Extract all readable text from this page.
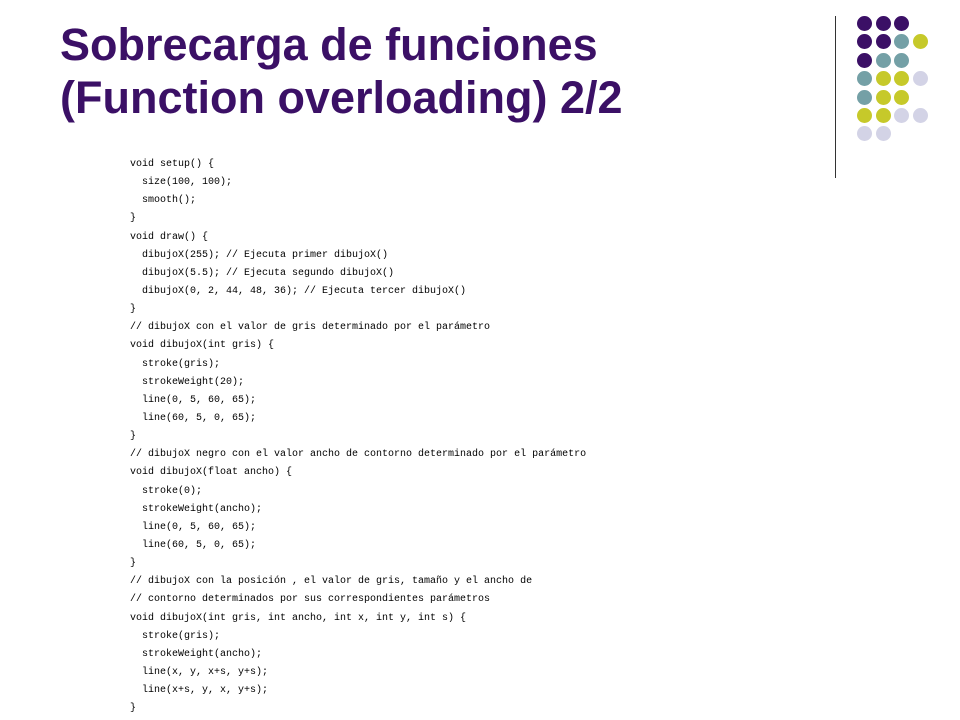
Sobrecarga de funciones
(Function overloading) 2/2
void setup() {
size(100, 100);
smooth();
}
void draw() {
dibujoX(255); // Ejecuta primer dibujoX()
dibujoX(5.5); // Ejecuta segundo dibujoX()
dibujoX(0, 2, 44, 48, 36); // Ejecuta tercer dibujoX()
}
// dibujoX con el valor de gris determinado por el parámetro
void dibujoX(int gris) {
stroke(gris);
strokeWeight(20);
line(0, 5, 60, 65);
line(60, 5, 0, 65);
}
// dibujoX negro con el valor ancho de contorno determinado por el parámetro
void dibujoX(float ancho) {
stroke(0);
strokeWeight(ancho);
line(0, 5, 60, 65);
line(60, 5, 0, 65);
}
// dibujoX con la posición , el valor de gris, tamaño y el ancho de
// contorno determinados por sus correspondientes parámetros
void dibujoX(int gris, int ancho, int x, int y, int s) {
stroke(gris);
strokeWeight(ancho);
line(x, y, x+s, y+s);
line(x+s, y, x, y+s);
}
